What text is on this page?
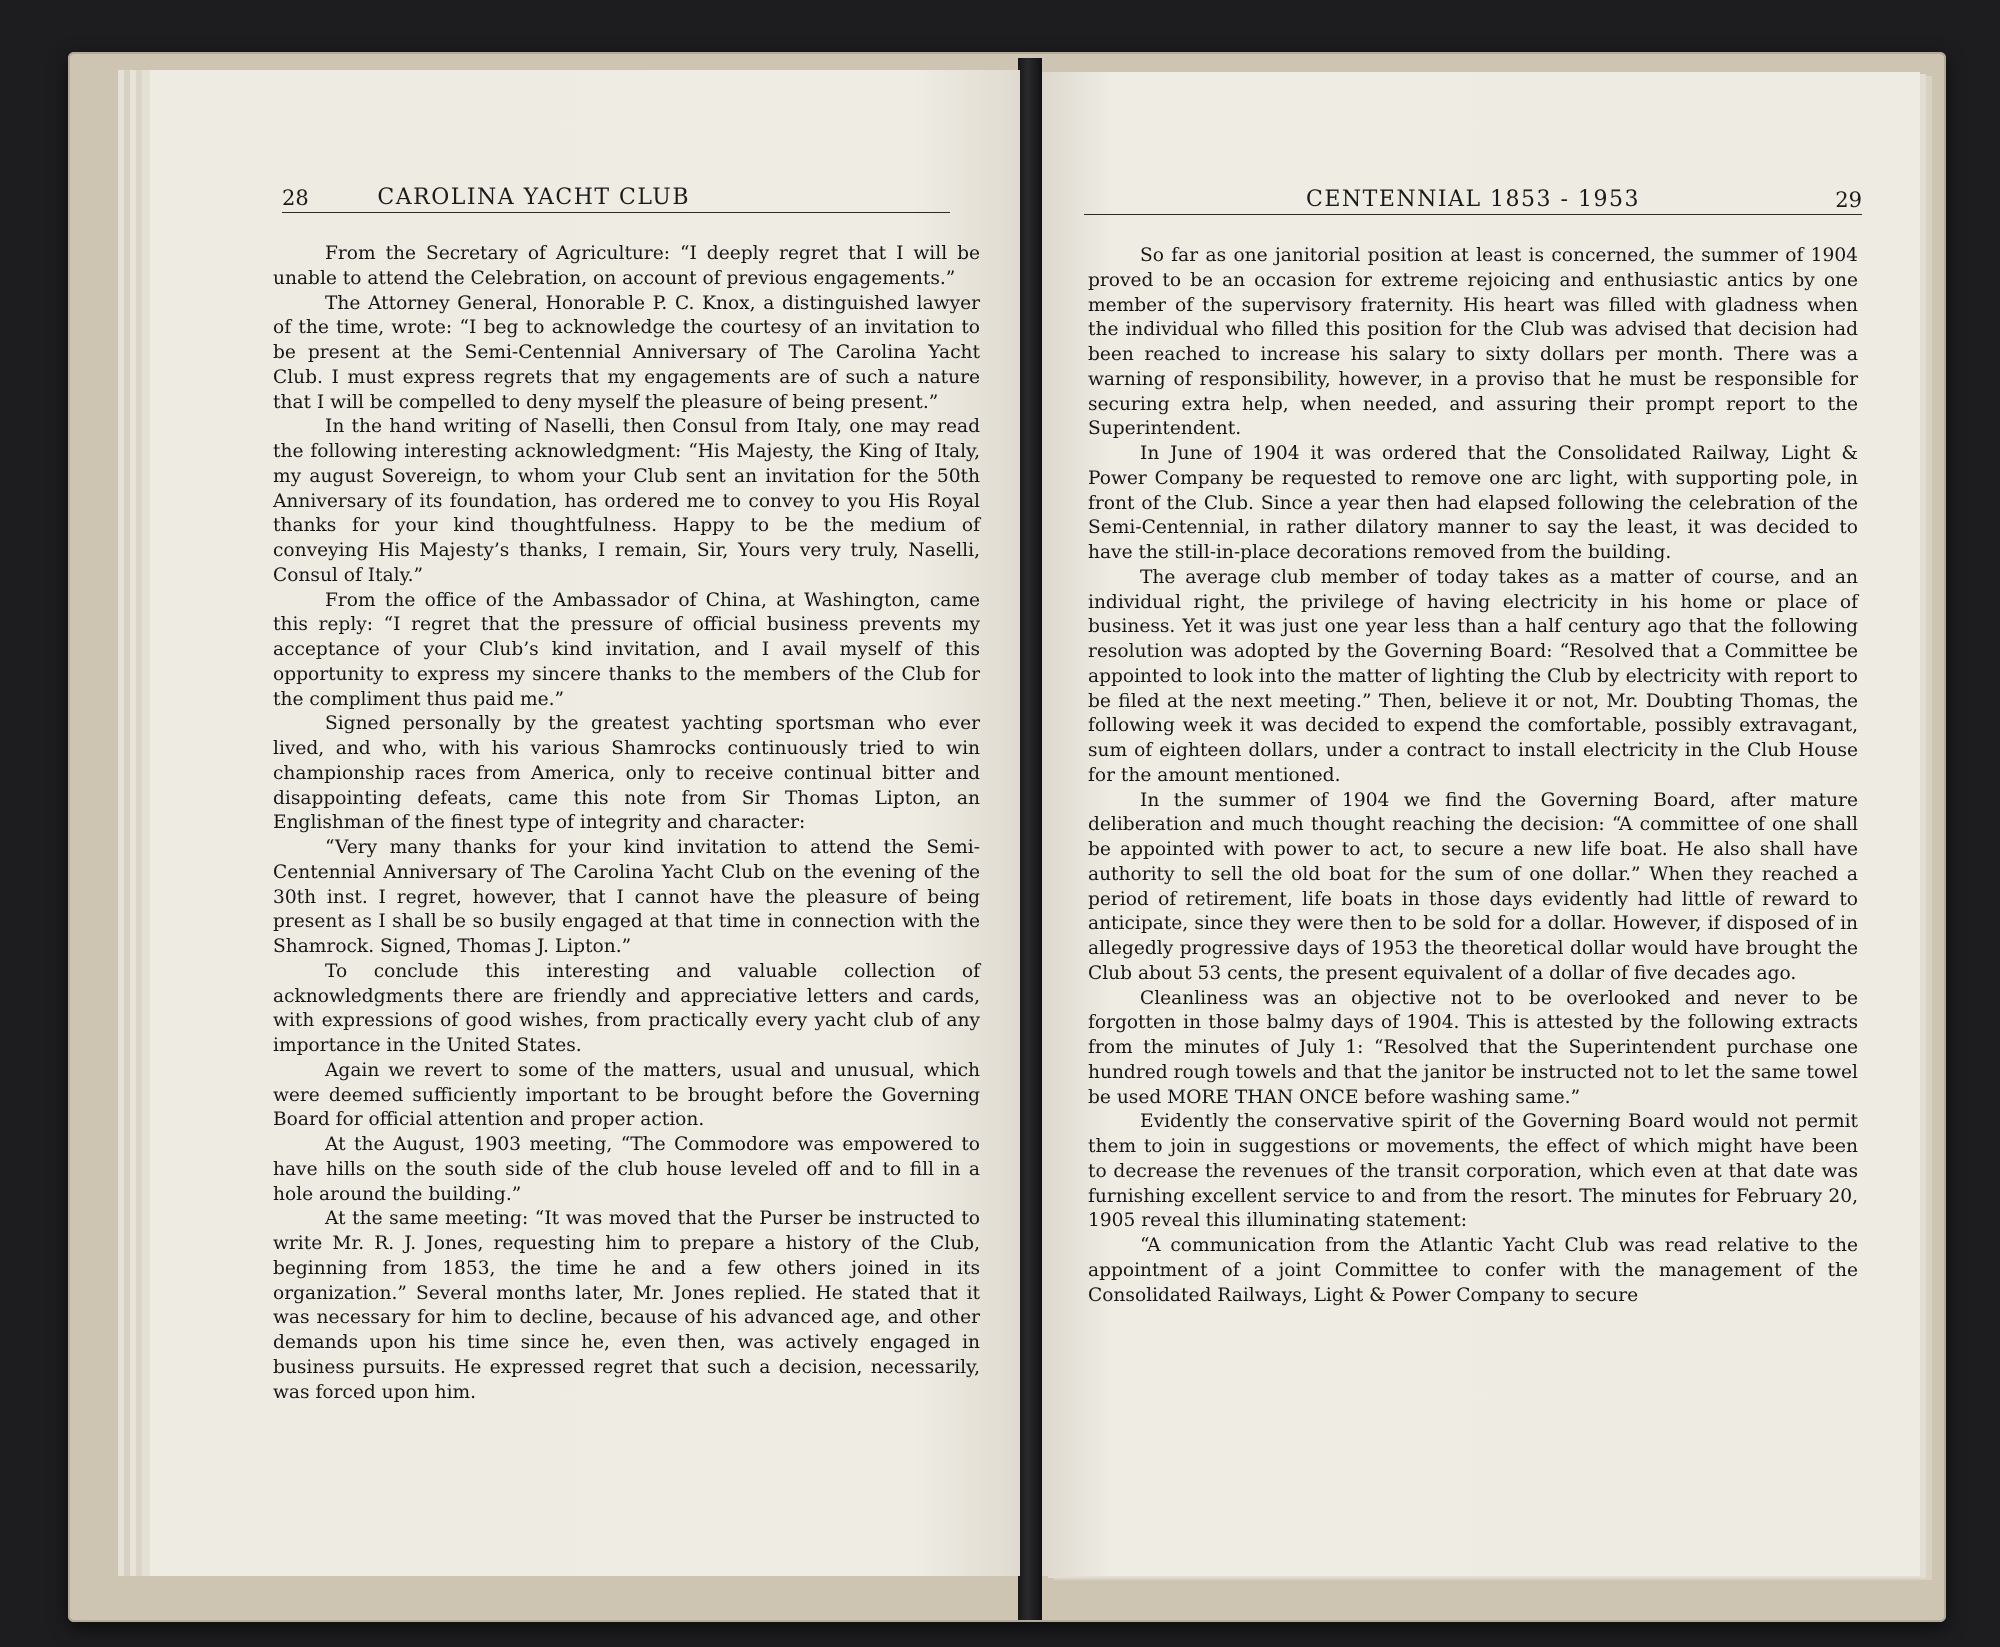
28	CAROLINA YACHT CLUB

From the Secretary of Agriculture: “I deeply regret that I will be unable to attend the Celebration, on account of previous engagements.”

The Attorney General, Honorable P. C. Knox, a distinguished lawyer of the time, wrote: “I beg to acknowledge the courtesy of an invitation to be present at the Semi-Centennial Anniversary of The Carolina Yacht Club. I must express regrets that my engagements are of such a nature that I will be compelled to deny myself the pleasure of being present.”

In the hand writing of Naselli, then Consul from Italy, one may read the following interesting acknowledgment: “His Majesty, the King of Italy, my august Sovereign, to whom your Club sent an invitation for the 50th Anniversary of its foundation, has ordered me to convey to you His Royal thanks for your kind thoughtfulness. Happy to be the medium of conveying His Majesty’s thanks, I remain, Sir, Yours very truly, Naselli, Consul of Italy.”

From the office of the Ambassador of China, at Washington, came this reply: “I regret that the pressure of official business prevents my acceptance of your Club’s kind invitation, and I avail myself of this opportunity to express my sincere thanks to the members of the Club for the compliment thus paid me.”

Signed personally by the greatest yachting sportsman who ever lived, and who, with his various Shamrocks continuously tried to win championship races from America, only to receive continual bitter and disappointing defeats, came this note from Sir Thomas Lipton, an Englishman of the finest type of integrity and character:

“Very many thanks for your kind invitation to attend the Semi-Centennial Anniversary of The Carolina Yacht Club on the evening of the 30th inst. I regret, however, that I cannot have the pleasure of being present as I shall be so busily engaged at that time in connection with the Shamrock. Signed, Thomas J. Lipton.”

To conclude this interesting and valuable collection of acknowledgments there are friendly and appreciative letters and cards, with expressions of good wishes, from practically every yacht club of any importance in the United States.

Again we revert to some of the matters, usual and unusual, which were deemed sufficiently important to be brought before the Governing Board for official attention and proper action.

At the August, 1903 meeting, “The Commodore was empowered to have hills on the south side of the club house leveled off and to fill in a hole around the building.”

At the same meeting: “It was moved that the Purser be instructed to write Mr. R. J. Jones, requesting him to prepare a history of the Club, beginning from 1853, the time he and a few others joined in its organization.” Several months later, Mr. Jones replied. He stated that it was necessary for him to decline, because of his advanced age, and other demands upon his time since he, even then, was actively engaged in business pursuits. He expressed regret that such a decision, necessarily, was forced upon him.

CENTENNIAL 1853 - 1953	29

So far as one janitorial position at least is concerned, the summer of 1904 proved to be an occasion for extreme rejoicing and enthusiastic antics by one member of the supervisory fraternity. His heart was filled with gladness when the individual who filled this position for the Club was advised that decision had been reached to increase his salary to sixty dollars per month. There was a warning of responsibility, however, in a proviso that he must be responsible for securing extra help, when needed, and assuring their prompt report to the Superintendent.

In June of 1904 it was ordered that the Consolidated Railway, Light & Power Company be requested to remove one arc light, with supporting pole, in front of the Club. Since a year then had elapsed following the celebration of the Semi-Centennial, in rather dilatory manner to say the least, it was decided to have the still-in-place decorations removed from the building.

The average club member of today takes as a matter of course, and an individual right, the privilege of having electricity in his home or place of business. Yet it was just one year less than a half century ago that the following resolution was adopted by the Governing Board: “Resolved that a Committee be appointed to look into the matter of lighting the Club by electricity with report to be filed at the next meeting.” Then, believe it or not, Mr. Doubting Thomas, the following week it was decided to expend the comfortable, possibly extravagant, sum of eighteen dollars, under a contract to install electricity in the Club House for the amount mentioned.

In the summer of 1904 we find the Governing Board, after mature deliberation and much thought reaching the decision: “A committee of one shall be appointed with power to act, to secure a new life boat. He also shall have authority to sell the old boat for the sum of one dollar.” When they reached a period of retirement, life boats in those days evidently had little of reward to anticipate, since they were then to be sold for a dollar. However, if disposed of in allegedly progressive days of 1953 the theoretical dollar would have brought the Club about 53 cents, the present equivalent of a dollar of five decades ago.

Cleanliness was an objective not to be overlooked and never to be forgotten in those balmy days of 1904. This is attested by the following extracts from the minutes of July 1: “Resolved that the Superintendent purchase one hundred rough towels and that the janitor be instructed not to let the same towel be used MORE THAN ONCE before washing same.”

Evidently the conservative spirit of the Governing Board would not permit them to join in suggestions or movements, the effect of which might have been to decrease the revenues of the transit corporation, which even at that date was furnishing excellent service to and from the resort. The minutes for February 20, 1905 reveal this illuminating statement:

“A communication from the Atlantic Yacht Club was read relative to the appointment of a joint Committee to confer with the management of the Consolidated Railways, Light & Power Company to secure
